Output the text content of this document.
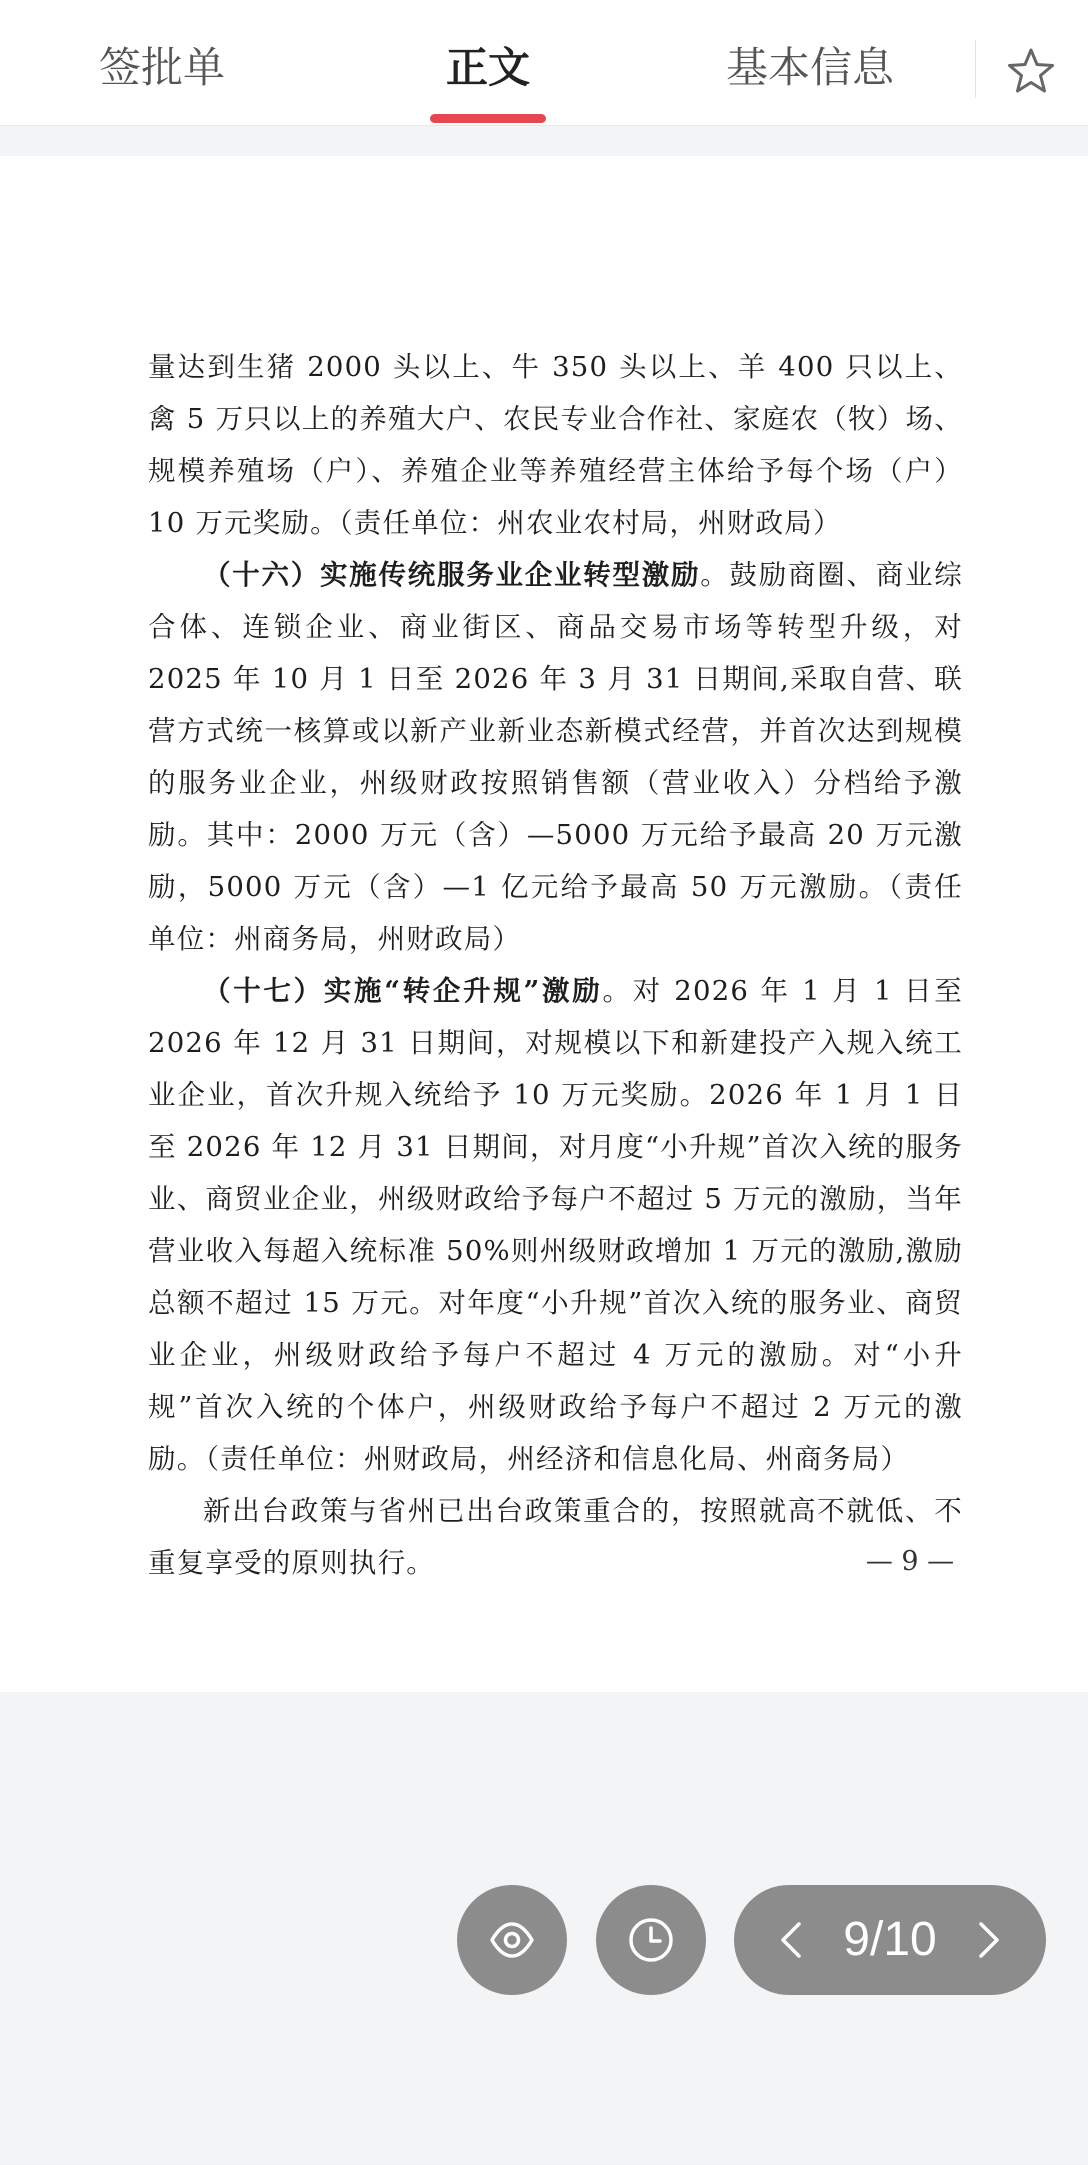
签批单	正文	基本信息

量达到生猪 2000 头以上、牛 350 头以上、羊 400 只以上、禽 5 万只以上的养殖大户、农民专业合作社、家庭农（牧）场、规模养殖场（户）、养殖企业等养殖经营主体给予每个场（户）10 万元奖励。（责任单位：州农业农村局，州财政局）

（十六）实施传统服务业企业转型激励。鼓励商圈、商业综合体、连锁企业、商业街区、商品交易市场等转型升级，对 2025 年 10 月 1 日至 2026 年 3 月 31 日期间,采取自营、联营方式统一核算或以新产业新业态新模式经营，并首次达到规模的服务业企业，州级财政按照销售额（营业收入）分档给予激励。其中：2000 万元（含）—5000 万元给予最高 20 万元激励，5000 万元（含）—1 亿元给予最高 50 万元激励。（责任单位：州商务局，州财政局）

（十七）实施“转企升规”激励。对 2026 年 1 月 1 日至 2026 年 12 月 31 日期间，对规模以下和新建投产入规入统工业企业，首次升规入统给予 10 万元奖励。2026 年 1 月 1 日至 2026 年 12 月 31 日期间，对月度“小升规”首次入统的服务业、商贸业企业，州级财政给予每户不超过 5 万元的激励，当年营业收入每超入统标准 50%则州级财政增加 1 万元的激励,激励总额不超过 15 万元。对年度“小升规”首次入统的服务业、商贸业企业，州级财政给予每户不超过 4 万元的激励。对“小升规”首次入统的个体户，州级财政给予每户不超过 2 万元的激励。（责任单位：州财政局，州经济和信息化局、州商务局）

新出台政策与省州已出台政策重合的，按照就高不就低、不重复享受的原则执行。	— 9 —
9/10
